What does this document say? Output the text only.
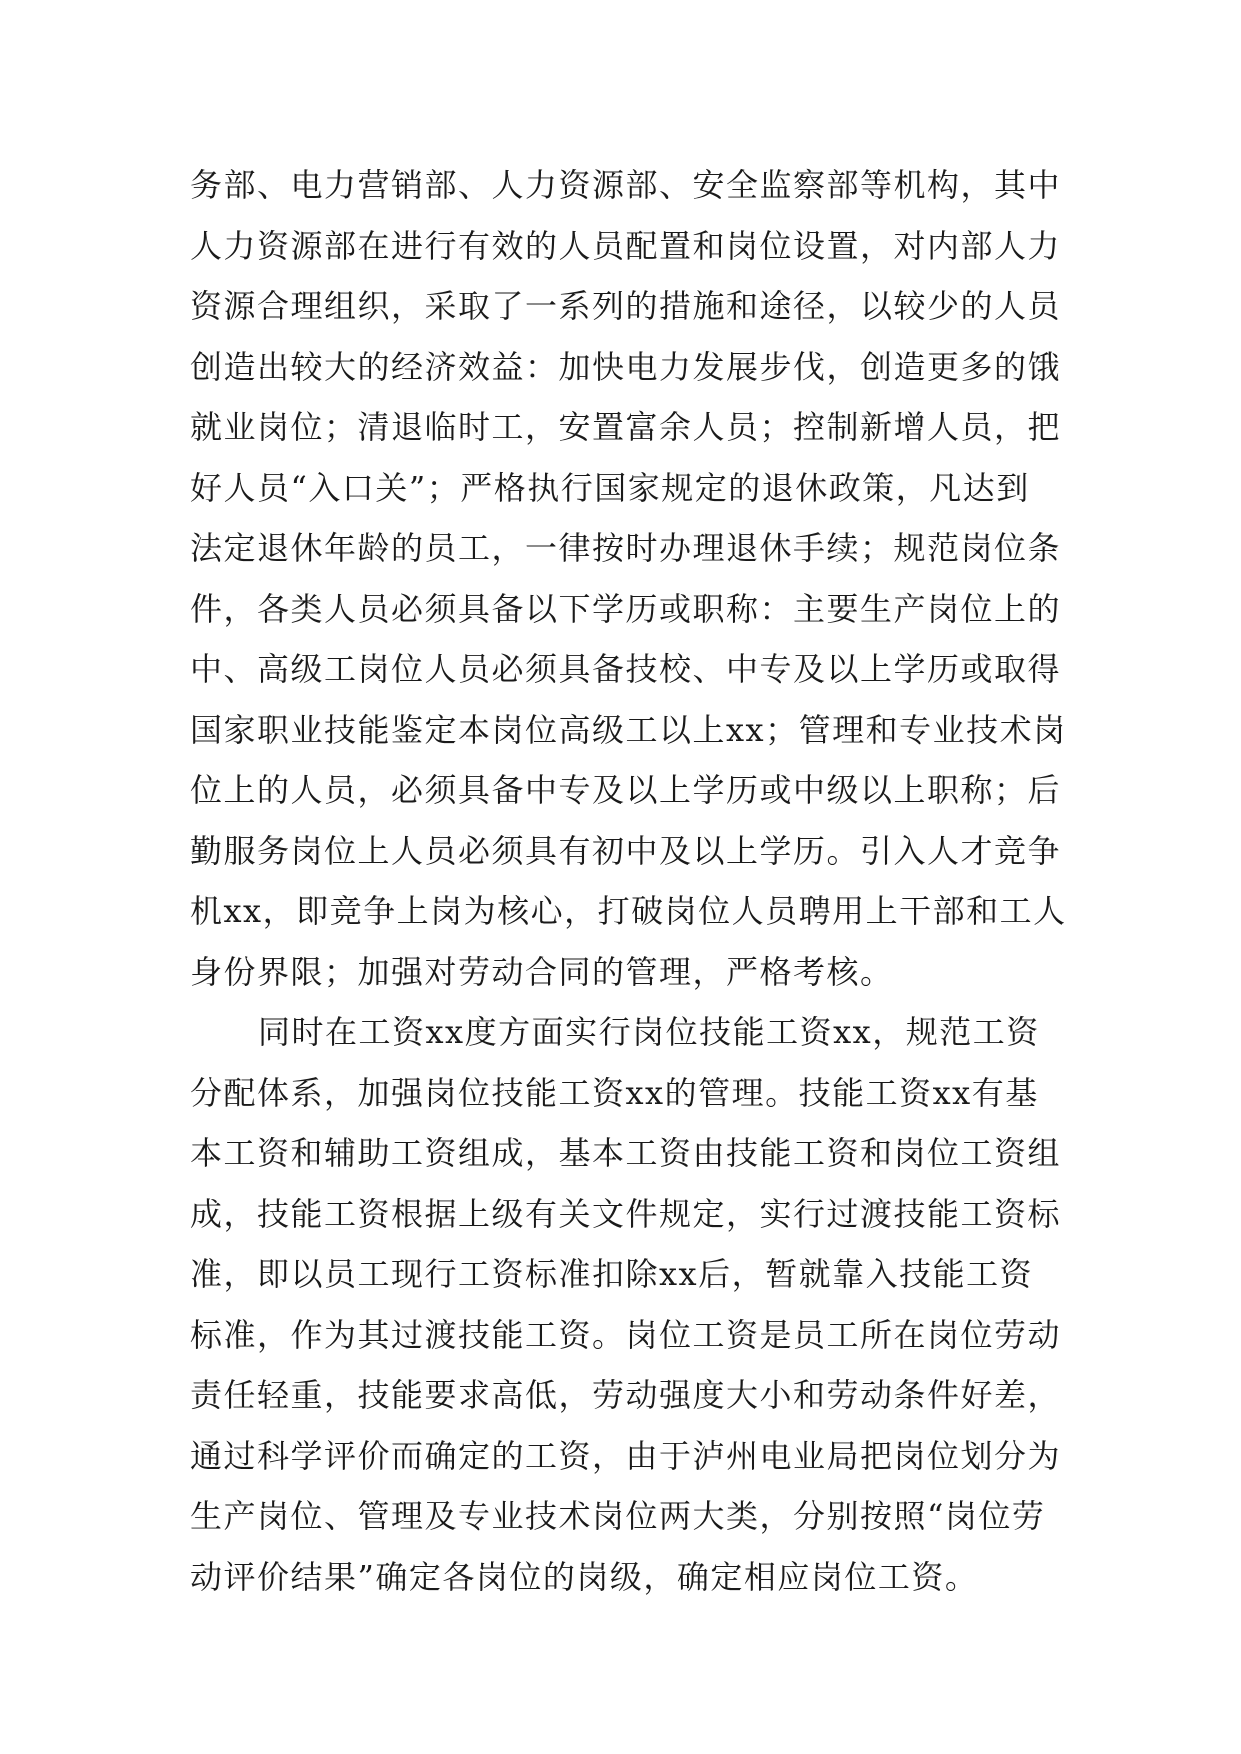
务部、电力营销部、人力资源部、安全监察部等机构，其中
人力资源部在进行有效的人员配置和岗位设置，对内部人力
资源合理组织，采取了一系列的措施和途径，以较少的人员
创造出较大的经济效益：加快电力发展步伐，创造更多的饿
就业岗位；清退临时工，安置富余人员；控制新增人员，把
好人员“入口关”；严格执行国家规定的退休政策，凡达到
法定退休年龄的员工，一律按时办理退休手续；规范岗位条
件，各类人员必须具备以下学历或职称：主要生产岗位上的
中、高级工岗位人员必须具备技校、中专及以上学历或取得
国家职业技能鉴定本岗位高级工以上xx；管理和专业技术岗
位上的人员，必须具备中专及以上学历或中级以上职称；后
勤服务岗位上人员必须具有初中及以上学历。引入人才竞争
机xx，即竞争上岗为核心，打破岗位人员聘用上干部和工人
身份界限；加强对劳动合同的管理，严格考核。
同时在工资xx度方面实行岗位技能工资xx，规范工资
分配体系，加强岗位技能工资xx的管理。技能工资xx有基
本工资和辅助工资组成，基本工资由技能工资和岗位工资组
成，技能工资根据上级有关文件规定，实行过渡技能工资标
准，即以员工现行工资标准扣除xx后，暂就靠入技能工资
标准，作为其过渡技能工资。岗位工资是员工所在岗位劳动
责任轻重，技能要求高低，劳动强度大小和劳动条件好差，
通过科学评价而确定的工资，由于泸州电业局把岗位划分为
生产岗位、管理及专业技术岗位两大类，分别按照“岗位劳
动评价结果”确定各岗位的岗级，确定相应岗位工资。
